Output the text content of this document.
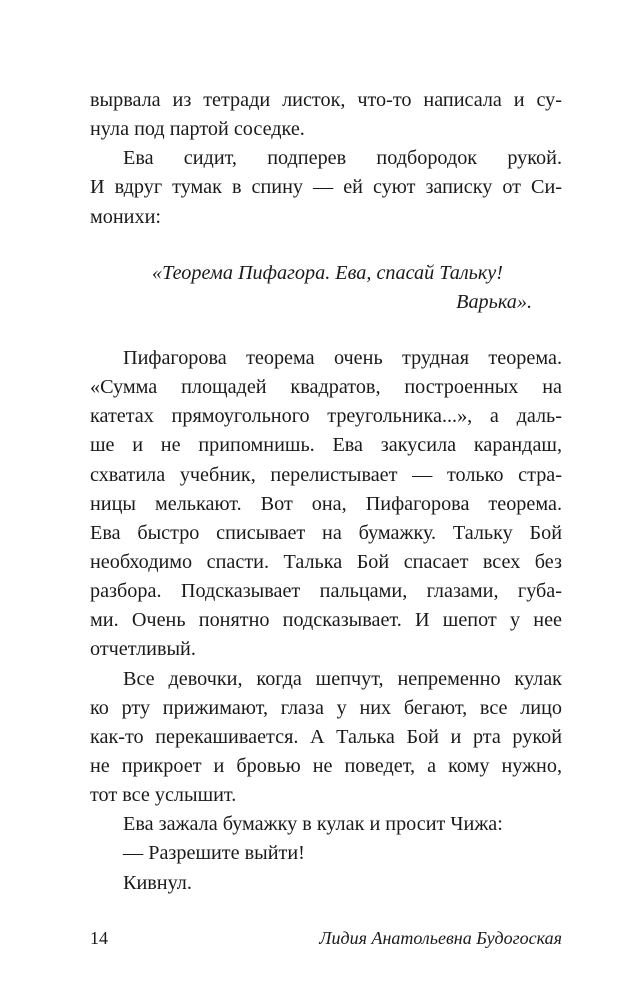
вырвала из тетради листок, что-то написала и су-
нула под партой соседке.
Ева сидит, подперев подбородок рукой.
И вдруг тумак в спину — ей суют записку от Си-
монихи:
«Теорема Пифагора. Ева, спасай Тальку!
Варька».
Пифагорова теорема очень трудная теорема.
«Сумма площадей квадратов, построенных на
катетах прямоугольного треугольника...», а даль-
ше и не припомнишь. Ева закусила карандаш,
схватила учебник, перелистывает — только стра-
ницы мелькают. Вот она, Пифагорова теорема.
Ева быстро списывает на бумажку. Тальку Бой
необходимо спасти. Талька Бой спасает всех без
разбора. Подсказывает пальцами, глазами, губа-
ми. Очень понятно подсказывает. И шепот у нее
отчетливый.
Все девочки, когда шепчут, непременно кулак
ко рту прижимают, глаза у них бегают, все лицо
как-то перекашивается. А Талька Бой и рта рукой
не прикроет и бровью не поведет, а кому нужно,
тот все услышит.
Ева зажала бумажку в кулак и просит Чижа:
— Разрешите выйти!
Кивнул.
14	Лидия Анатольевна Будогоская
